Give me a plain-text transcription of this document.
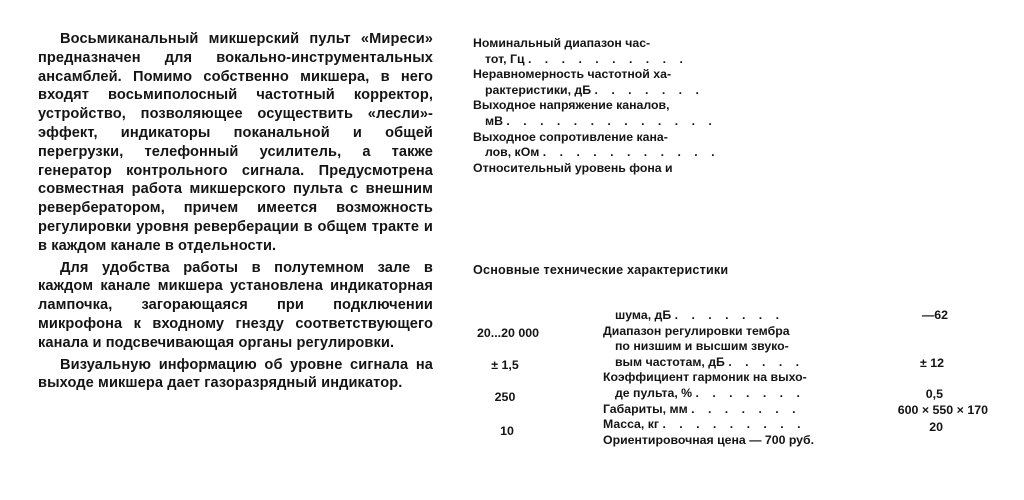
Восьмиканальный микшерский пульт «Миреси» предназначен для вокально-инструментальных ансамблей. Помимо собственно микшера, в него входят восьмиполосный частотный корректор, устройство, позволяющее осуществить «лесли»-эффект, индикаторы поканальной и общей перегрузки, телефонный усилитель, а также генератор контрольного сигнала. Предусмотрена совместная работа микшерского пульта с внешним ревербератором, причем имеется возможность регулировки уровня реверберации в общем тракте и в каждом канале в отдельности.

Для удобства работы в полутемном зале в каждом канале микшера установлена индикаторная лампочка, загорающаяся при подключении микрофона к входному гнезду соответствующего канала и подсвечивающая органы регулировки.

Визуальную информацию об уровне сигнала на выходе микшера дает газоразрядный индикатор.

Номинальный диапазон час-
тот, Гц . . . . . . . . . .
Неравномерность частотной ха-
рактеристики, дБ . . . . . . .
Выходное напряжение каналов,
мВ . . . . . . . . . . . . .
Выходное сопротивление кана-
лов, кОм . . . . . . . . . . .
Относительный уровень фона и
Основные технические характеристики
20...20 000
± 1,5
250
10
шума, дБ . . . . . . .
Диапазон регулировки тембра
по низшим и высшим звуко-
вым частотам, дБ . . . . .
Коэффициент гармоник на выхо-
де пульта, % . . . . . . .
Габариты, мм . . . . . . .
Масса, кг . . . . . . . . .
Ориентировочная цена — 700 руб.
—62
± 12
0,5
600 × 550 × 170
20
